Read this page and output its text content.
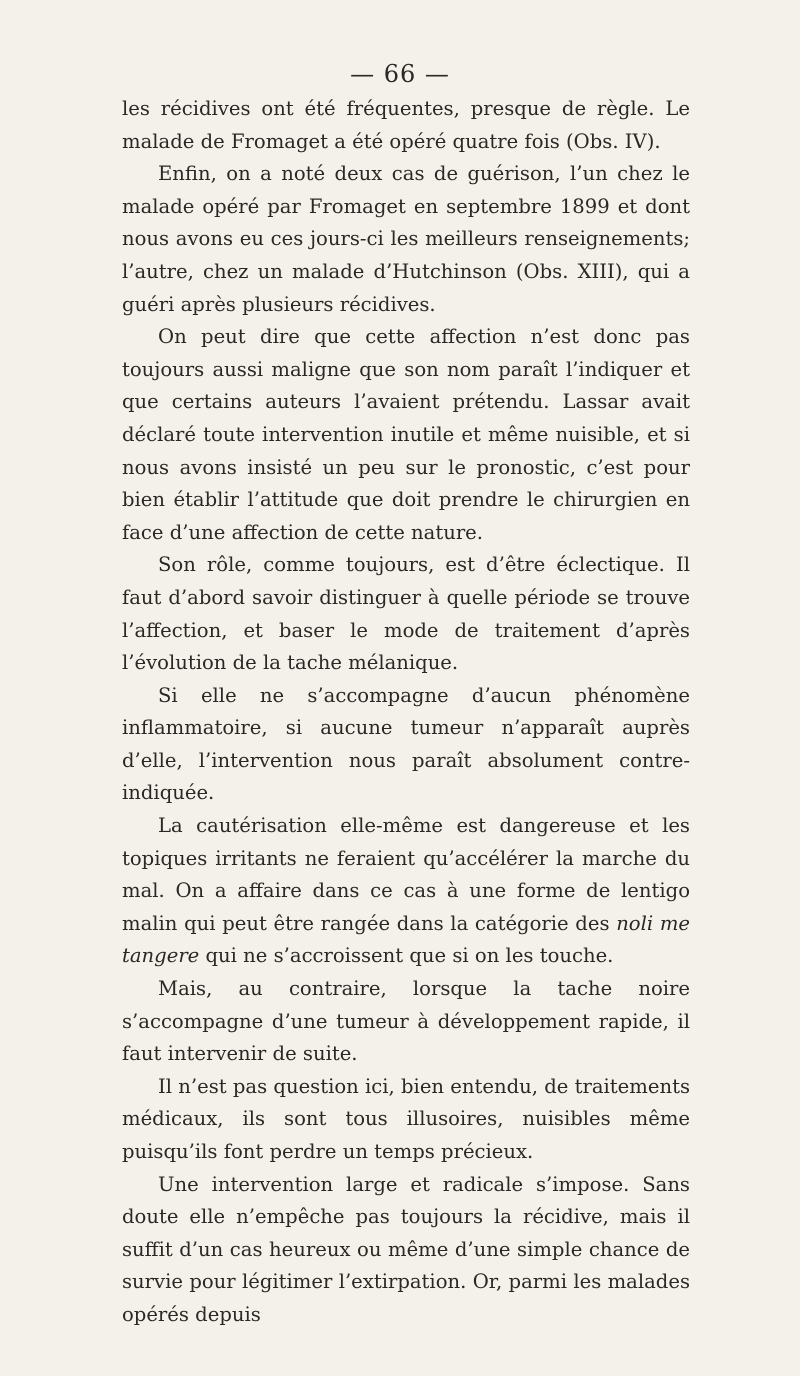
— 66 —

les récidives ont été fréquentes, presque de règle. Le malade de Fromaget a été opéré quatre fois (Obs. IV).

Enfin, on a noté deux cas de guérison, l’un chez le malade opéré par Fromaget en septembre 1899 et dont nous avons eu ces jours-ci les meilleurs renseignements; l’autre, chez un malade d’Hutchinson (Obs. XIII), qui a guéri après plusieurs récidives.

On peut dire que cette affection n’est donc pas toujours aussi maligne que son nom paraît l’indiquer et que certains auteurs l’avaient prétendu. Lassar avait déclaré toute intervention inutile et même nuisible, et si nous avons insisté un peu sur le pronostic, c’est pour bien établir l’attitude que doit prendre le chirurgien en face d’une affection de cette nature.

Son rôle, comme toujours, est d’être éclectique. Il faut d’abord savoir distinguer à quelle période se trouve l’affection, et baser le mode de traitement d’après l’évolution de la tache mélanique.

Si elle ne s’accompagne d’aucun phénomène inflammatoire, si aucune tumeur n’apparaît auprès d’elle, l’intervention nous paraît absolument contre-indiquée.

La cautérisation elle-même est dangereuse et les topiques irritants ne feraient qu’accélérer la marche du mal. On a affaire dans ce cas à une forme de lentigo malin qui peut être rangée dans la catégorie des noli me tangere qui ne s’accroissent que si on les touche.

Mais, au contraire, lorsque la tache noire s’accompagne d’une tumeur à développement rapide, il faut intervenir de suite.

Il n’est pas question ici, bien entendu, de traitements médicaux, ils sont tous illusoires, nuisibles même puisqu’ils font perdre un temps précieux.

Une intervention large et radicale s’impose. Sans doute elle n’empêche pas toujours la récidive, mais il suffit d’un cas heureux ou même d’une simple chance de survie pour légitimer l’extirpation. Or, parmi les malades opérés depuis
